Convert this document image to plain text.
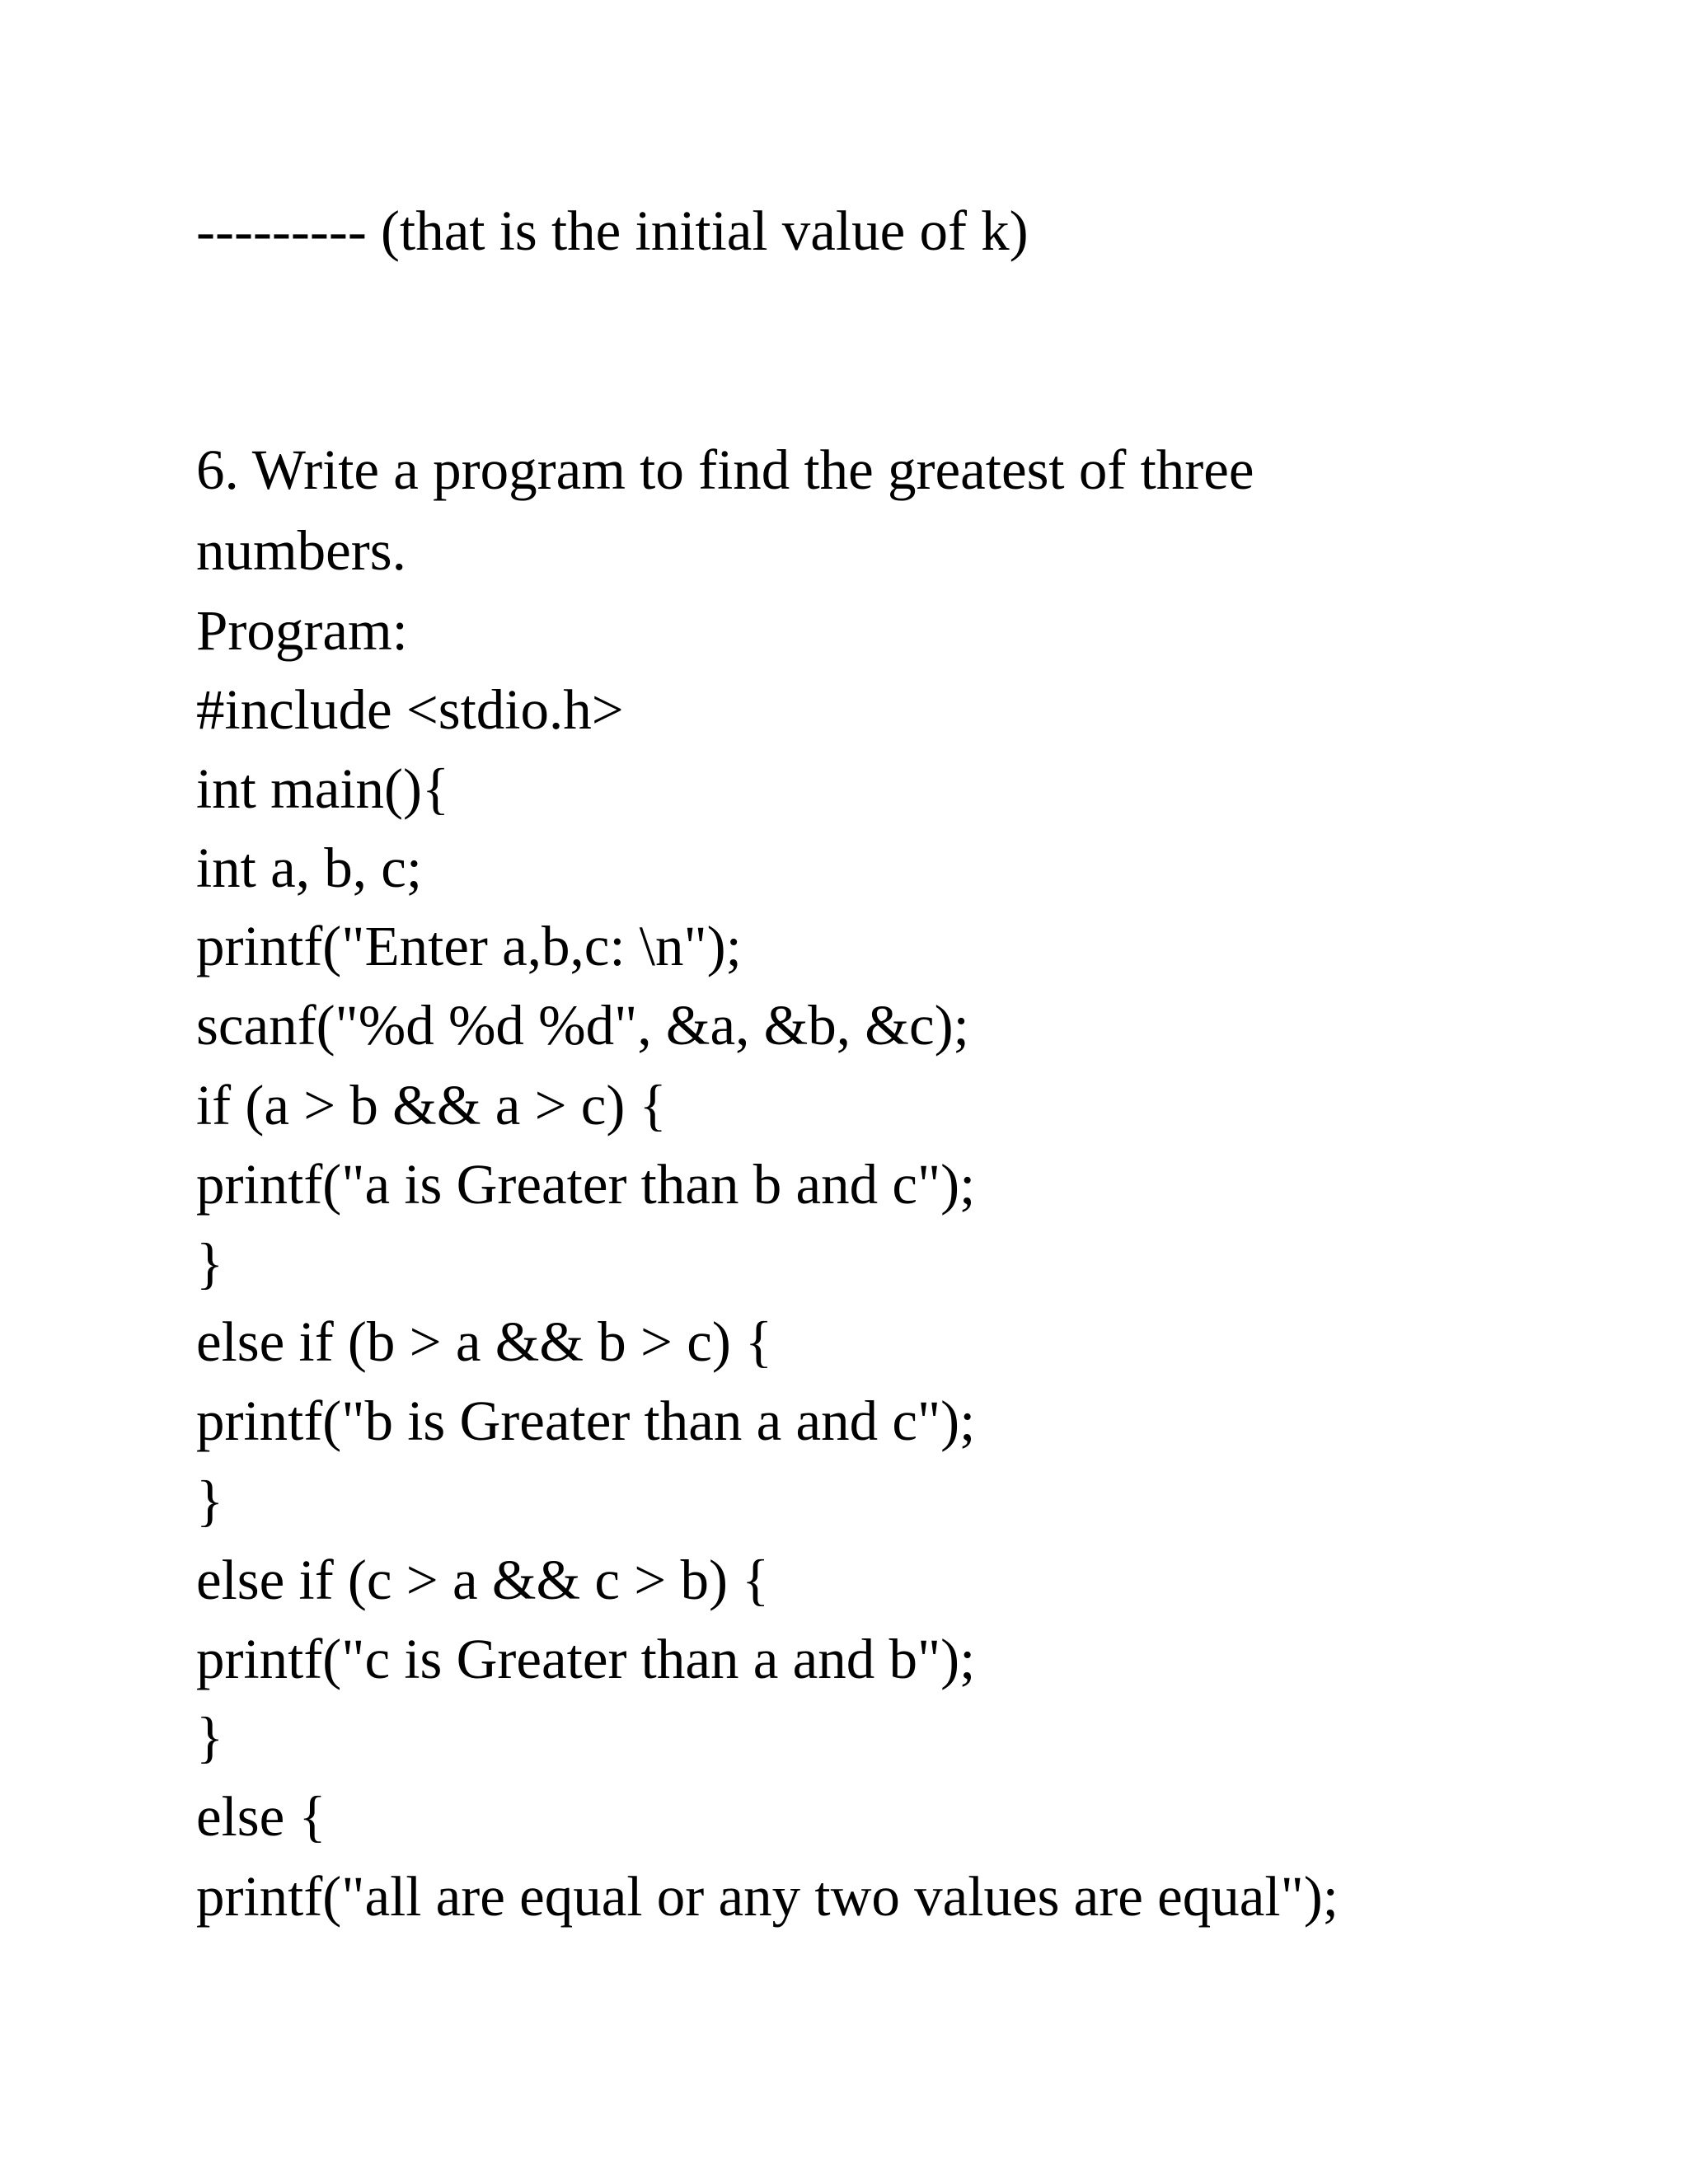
--------- (that is the initial value of k)
6. Write a program to find the greatest of three
numbers.
Program:
#include <stdio.h>
int main(){
int a, b, c;
printf("Enter a,b,c: \n");
scanf("%d %d %d", &a, &b, &c);
if (a > b && a > c) {
printf("a is Greater than b and c");
}
else if (b > a && b > c) {
printf("b is Greater than a and c");
}
else if (c > a && c > b) {
printf("c is Greater than a and b");
}
else {
printf("all are equal or any two values are equal");
